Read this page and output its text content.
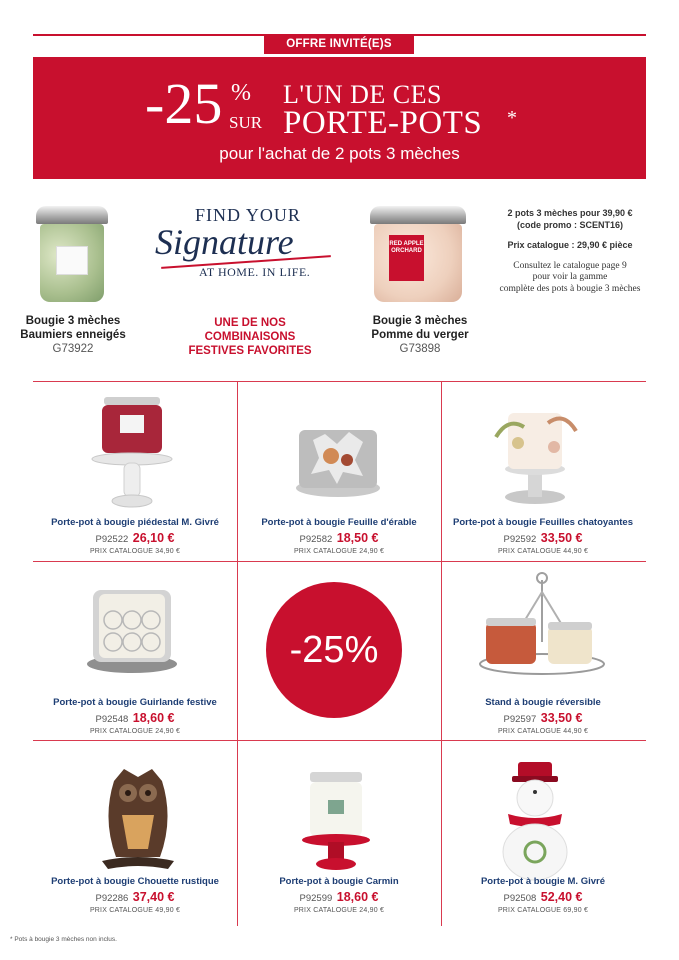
OFFRE INVITÉ(E)S
-25 %
SUR
L'UN DE CES
PORTE-POTS *
pour l'achat de 2 pots 3 mèches
Bougie 3 mèches
Baumiers enneigés
G73922
FIND YOUR
Signature
AT HOME. IN LIFE.
UNE DE NOS
COMBINAISONS
FESTIVES FAVORITES
RED APPLE ORCHARD
Bougie 3 mèches
Pomme du verger
G73898

2 pots 3 mèches pour 39,90 €
(code promo : SCENT16)

Prix catalogue : 29,90 € pièce

Consultez le catalogue page 9
pour voir la gamme
complète des pots à bougie 3 mèches

-25%
Porte-pot à bougie piédestal M. Givré
P92522 26,10 €
PRIX CATALOGUE 34,90 €
Porte-pot à bougie Feuille d'érable
P92582 18,50 €
PRIX CATALOGUE 24,90 €
Porte-pot à bougie Feuilles chatoyantes
P92592 33,50 €
PRIX CATALOGUE 44,90 €
Porte-pot à bougie Guirlande festive
P92548 18,60 €
PRIX CATALOGUE 24,90 €
Stand à bougie réversible
P92597 33,50 €
PRIX CATALOGUE 44,90 €
Porte-pot à bougie Chouette rustique
P92286 37,40 €
PRIX CATALOGUE 49,90 €
Porte-pot à bougie Carmin
P92599 18,60 €
PRIX CATALOGUE 24,90 €
Porte-pot à bougie M. Givré
P92508 52,40 €
PRIX CATALOGUE 69,90 €
* Pots à bougie 3 mèches non inclus.
